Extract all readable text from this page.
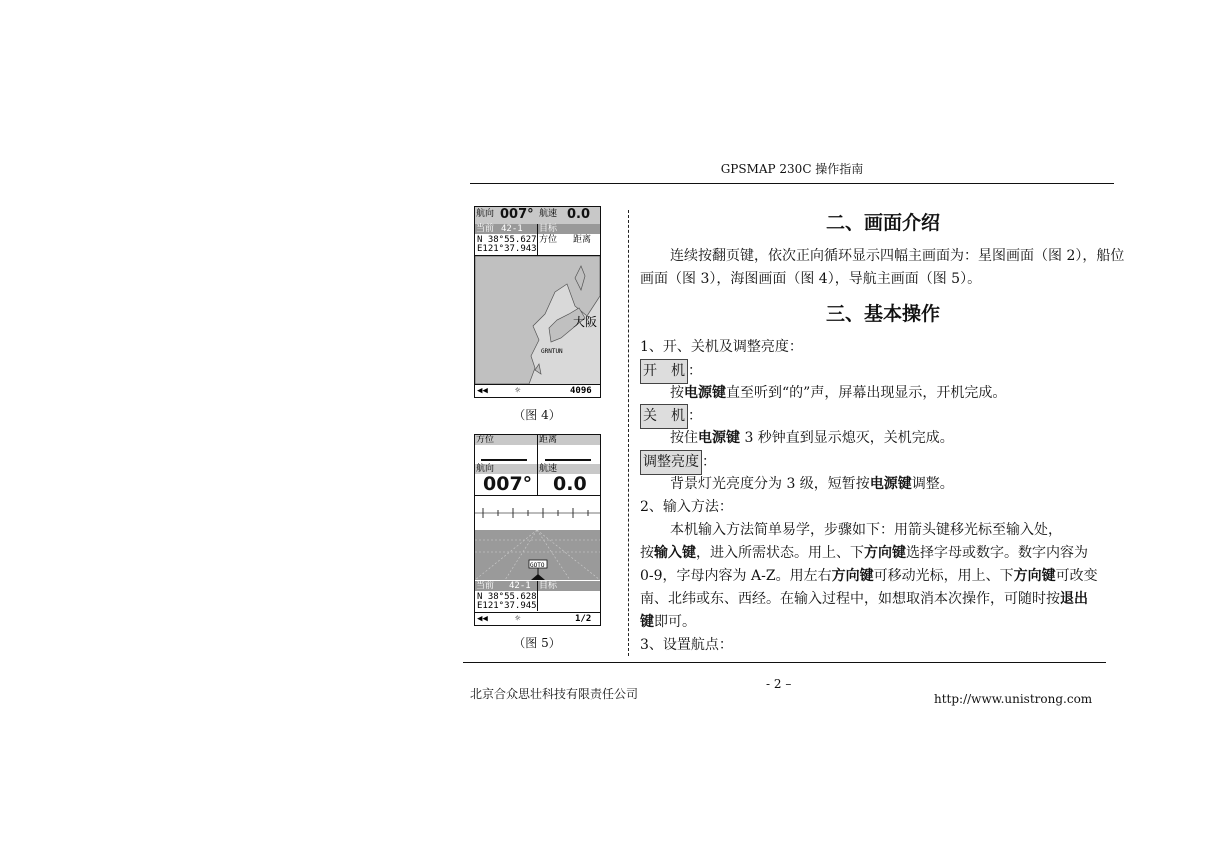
GPSMAP 230C 操作指南
航向 007° 航速 0.0
当前 42-1 目标
N 38°55.627
E121°37.943
方位 距离
大阪
GRNTUN
◀◀	☼	4096
（图 4）
方位	距离
航向	航速
007° 0.0
GOTO
当前 42-1 目标
N 38°55.628
E121°37.945
◀◀	☼	1/2
（图 5）
二、画面介绍
连续按翻页键，依次正向循环显示四幅主画面为：星图画面（图 2），船位画面（图 3），海图画面（图 4），导航主画面（图 5）。
三、基本操作
1、开、关机及调整亮度：
开　机 ：
按电源键直至听到“的”声，屏幕出现显示，开机完成。
关　机 ：
按住电源键 3 秒钟直到显示熄灭，关机完成。
调整亮度 ：
背景灯光亮度分为 3 级，短暂按电源键调整。
2、输入方法：
本机输入方法简单易学，步骤如下：用箭头键移光标至输入处，
按输入键，进入所需状态。用上、下方向键选择字母或数字。数字内容为
0-9，字母内容为 A-Z。用左右方向键可移动光标，用上、下方向键可改变
南、北纬或东、西经。在输入过程中，如想取消本次操作，可随时按退出
键即可。
3、设置航点：
北京合众思壮科技有限责任公司
- 2 –
http://www.unistrong.com
